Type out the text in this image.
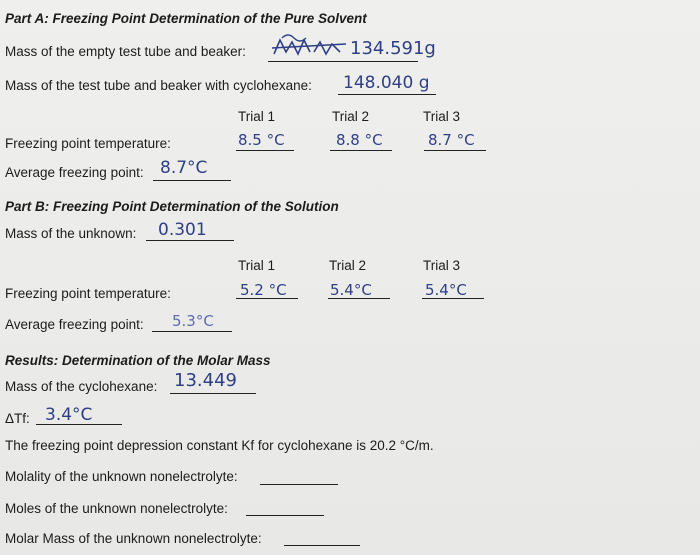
Part A: Freezing Point Determination of the Pure Solvent
Mass of the empty test tube and beaker:	134.591g
Mass of the test tube and beaker with cyclohexane: 148.040 g
Trial 1	Trial 2	Trial 3
Freezing point temperature:	8.5 °C	8.8 °C	8.7 °C
Average freezing point: 8.7°C
Part B: Freezing Point Determination of the Solution
Mass of the unknown: 0.301
Trial 1	Trial 2	Trial 3
Freezing point temperature:	5.2 °C	5.4°C	5.4°C
Average freezing point: 5.3°C
Results: Determination of the Molar Mass
Mass of the cyclohexane: 13.449
ΔTf: 3.4°C
The freezing point depression constant Kf for cyclohexane is 20.2 °C/m.
Molality of the unknown nonelectrolyte:
Moles of the unknown nonelectrolyte:
Molar Mass of the unknown nonelectrolyte:
